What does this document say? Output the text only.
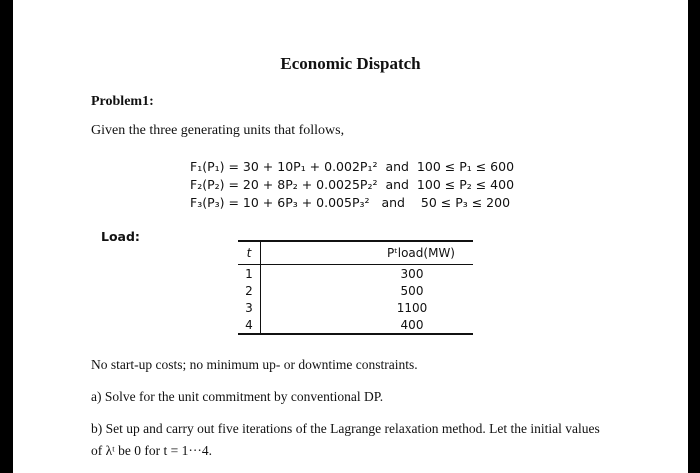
Economic Dispatch
Problem1:
Given the three generating units that follows,
F₁(P₁) = 30 + 10P₁ + 0.002P₁² and 100 ≤ P₁ ≤ 600
F₂(P₂) = 20 + 8P₂ + 0.0025P₂² and 100 ≤ P₂ ≤ 400
F₃(P₃) = 10 + 6P₃ + 0.005P₃² and 50 ≤ P₃ ≤ 200
Load:
t	Pᵗload(MW)
1	300
2	500
3	1100
4	400
No start-up costs; no minimum up- or downtime constraints.
a) Solve for the unit commitment by conventional DP.
b) Set up and carry out five iterations of the Lagrange relaxation method. Let the initial values
of λᵗ be 0 for t = 1···4.
